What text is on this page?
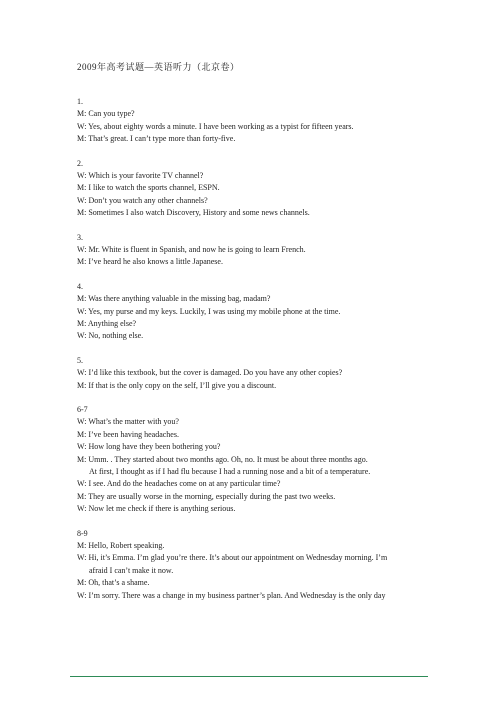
2009年高考试题—英语听力（北京卷）
1.
M: Can you type?
W: Yes, about eighty words a minute. I have been working as a typist for fifteen years.
M: That’s great. I can’t type more than forty-five.
2.
W: Which is your favorite TV channel?
M: I like to watch the sports channel, ESPN.
W: Don’t you watch any other channels?
M: Sometimes I also watch Discovery, History and some news channels.
3.
W: Mr. White is fluent in Spanish, and now he is going to learn French.
M: I’ve heard he also knows a little Japanese.
4.
M: Was there anything valuable in the missing bag, madam?
W: Yes, my purse and my keys. Luckily, I was using my mobile phone at the time.
M: Anything else?
W: No, nothing else.
5.
W: I’d like this textbook, but the cover is damaged. Do you have any other copies?
M: If that is the only copy on the self, I’ll give you a discount.
6-7
W: What’s the matter with you?
M: I’ve been having headaches.
W: How long have they been bothering you?
M: Umm. . They started about two months ago. Oh, no. It must be about three months ago.
At first, I thought as if I had flu because I had a running nose and a bit of a temperature.
W: I see. And do the headaches come on at any particular time?
M: They are usually worse in the morning, especially during the past two weeks.
W: Now let me check if there is anything serious.
8-9
M: Hello, Robert speaking.
W: Hi, it’s Emma. I’m glad you’re there. It’s about our appointment on Wednesday morning. I’m
afraid I can’t make it now.
M: Oh, that’s a shame.
W: I’m sorry. There was a change in my business partner’s plan. And Wednesday is the only day
